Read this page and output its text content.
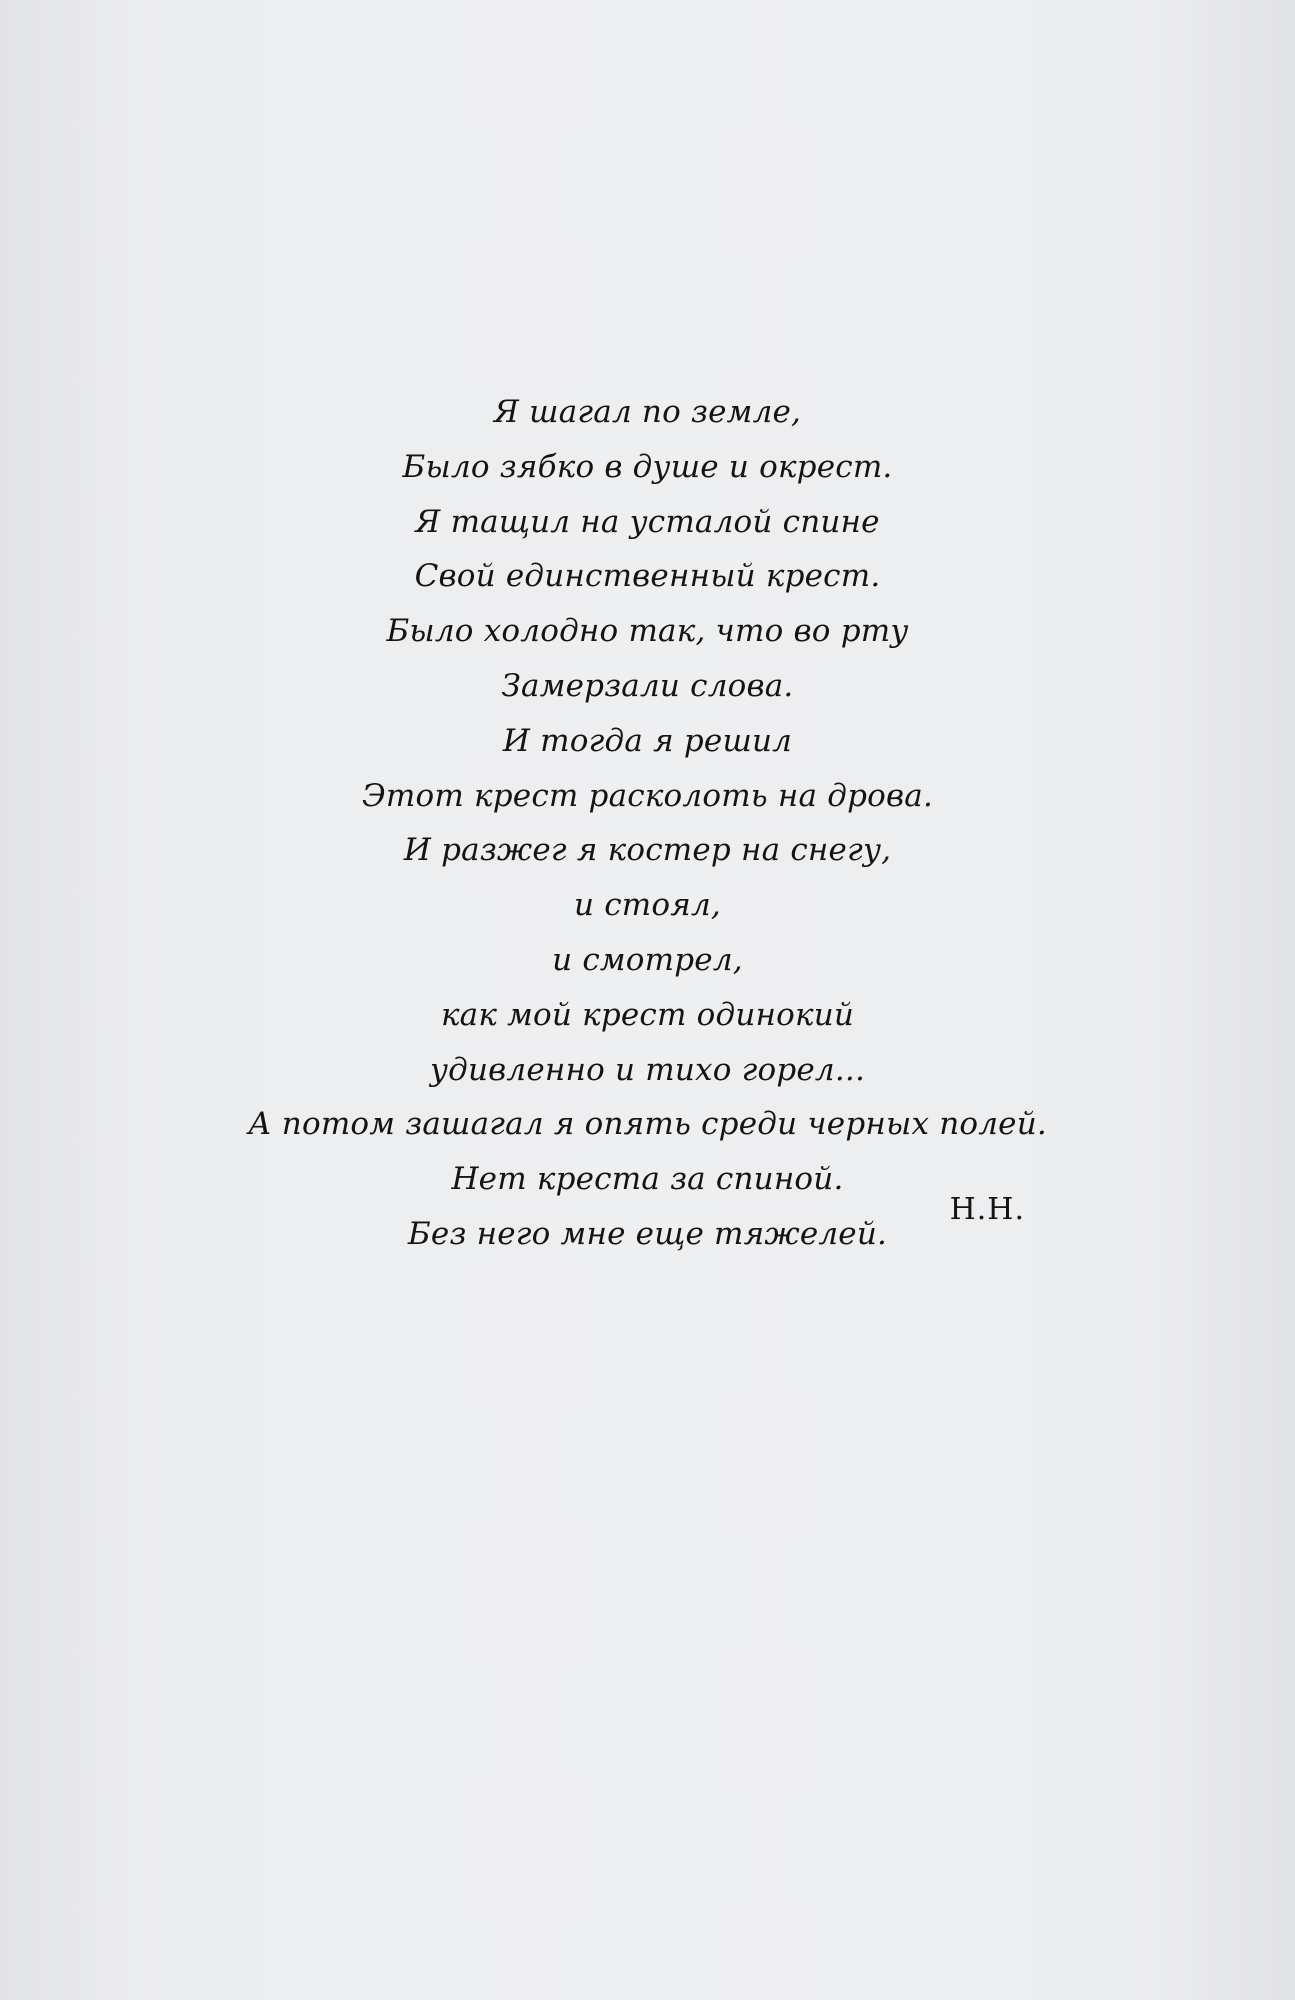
Я шагал по земле,
Было зябко в душе и окрест.
Я тащил на усталой спине
Свой единственный крест.
Было холодно так, что во рту
Замерзали слова.
И тогда я решил
Этот крест расколоть на дрова.
И разжег я костер на снегу,
и стоял,
и смотрел,
как мой крест одинокий
удивленно и тихо горел...
А потом зашагал я опять среди черных полей.
Нет креста за спиной.
Без него мне еще тяжелей.
Н.Н.
